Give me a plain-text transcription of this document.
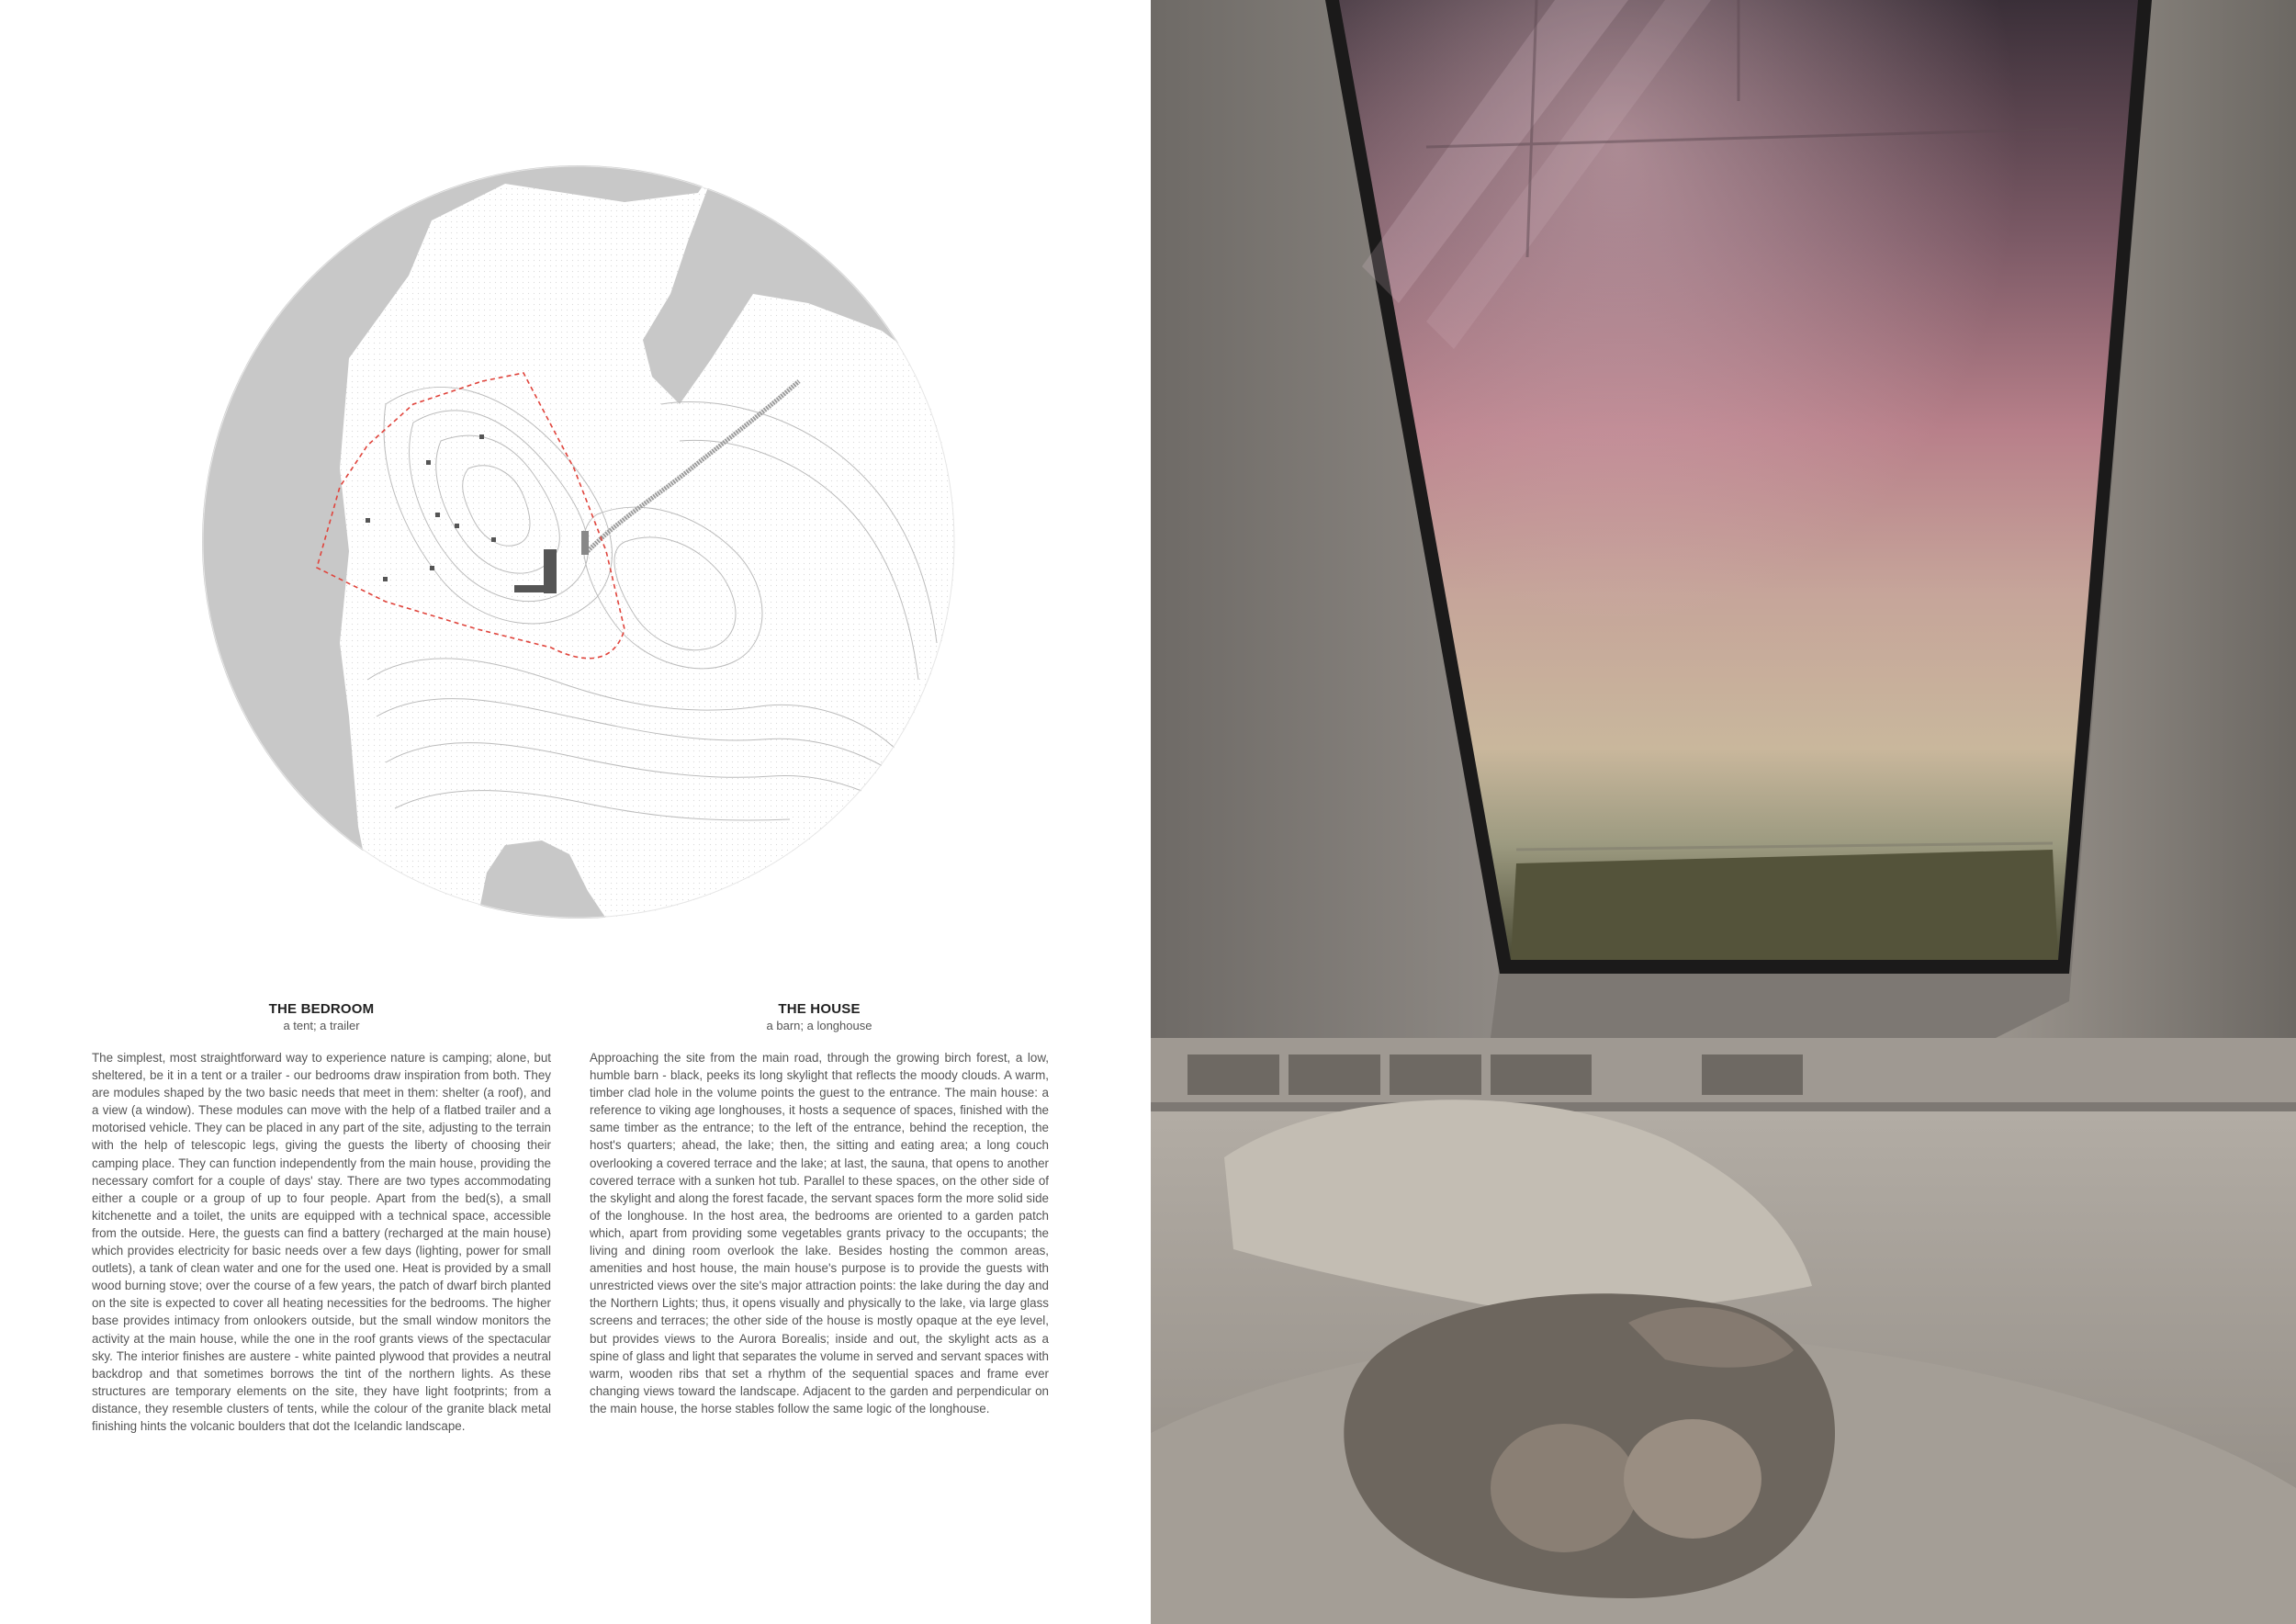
THE BEDROOM

a tent; a trailer

The simplest, most straightforward way to experience nature is camping; alone, but sheltered, be it in a tent or a trailer - our bedrooms draw inspiration from both. They are modules shaped by the two basic needs that meet in them: shelter (a roof), and a view (a window). These modules can move with the help of a flatbed trailer and a motorised vehicle. They can be placed in any part of the site, adjusting to the terrain with the help of telescopic legs, giving the guests the liberty of choosing their camping place. They can function independently from the main house, providing the necessary comfort for a couple of days' stay. There are two types accommodating either a couple or a group of up to four people. Apart from the bed(s), a small kitchenette and a toilet, the units are equipped with a technical space, accessible from the outside. Here, the guests can find a battery (recharged at the main house) which provides electricity for basic needs over a few days (lighting, power for small outlets), a tank of clean water and one for the used one. Heat is provided by a small wood burning stove; over the course of a few years, the patch of dwarf birch planted on the site is expected to cover all heating necessities for the bedrooms. The higher base provides intimacy from onlookers outside, but the small window monitors the activity at the main house, while the one in the roof grants views of the spectacular sky. The interior finishes are austere - white painted plywood that provides a neutral backdrop and that sometimes borrows the tint of the northern lights. As these structures are temporary elements on the site, they have light footprints; from a distance, they resemble clusters of tents, while the colour of the granite black metal finishing hints the volcanic boulders that dot the Icelandic landscape.

THE HOUSE

a barn; a longhouse

Approaching the site from the main road, through the growing birch forest, a low, humble barn - black, peeks its long skylight that reflects the moody clouds. A warm, timber clad hole in the volume points the guest to the entrance. The main house: a reference to viking age longhouses, it hosts a sequence of spaces, finished with the same timber as the entrance; to the left of the entrance, behind the reception, the host's quarters; ahead, the lake; then, the sitting and eating area; a long couch overlooking a covered terrace and the lake; at last, the sauna, that opens to another covered terrace with a sunken hot tub. Parallel to these spaces, on the other side of the skylight and along the forest facade, the servant spaces form the more solid side of the longhouse. In the host area, the bedrooms are oriented to a garden patch which, apart from providing some vegetables grants privacy to the occupants; the living and dining room overlook the lake. Besides hosting the common areas, amenities and host house, the main house's purpose is to provide the guests with unrestricted views over the site's major attraction points: the lake during the day and the Northern Lights; thus, it opens visually and physically to the lake, via large glass screens and terraces; the other side of the house is mostly opaque at the eye level, but provides views to the Aurora Borealis; inside and out, the skylight acts as a spine of glass and light that separates the volume in served and servant spaces with warm, wooden ribs that set a rhythm of the sequential spaces and frame ever changing views toward the landscape. Adjacent to the garden and perpendicular on the main house, the horse stables follow the same logic of the longhouse.
